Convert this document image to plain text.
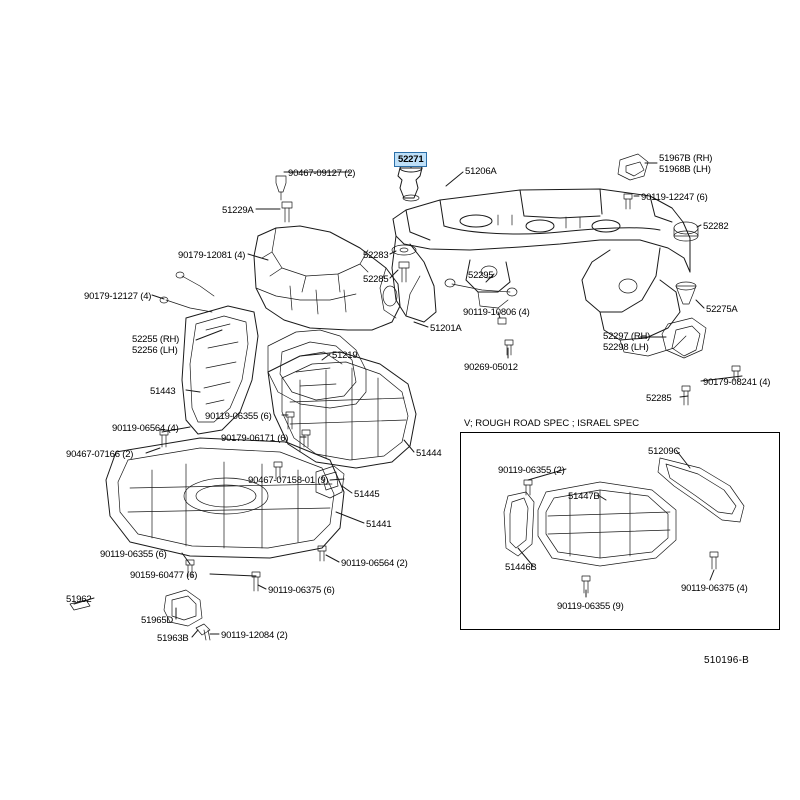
V; ROUGH ROAD SPEC ; ISRAEL SPEC
52271
90467-09127 (2)	51206A
51967B (RH)
51968B (LH)
90119-12247 (6)
51229A
52282
52283
90179-12081 (4)
52285	52295
90179-12127 (4)
90119-10806 (4)	52275A
52255 (RH)
52256 (LH)
51201A
52297 (RH)
52298 (LH)
51219
90269-05012
90179-08241 (4)
51443
52285
90119-06355 (6)
90119-06564 (4)
90179-06171 (6)
90467-07166 (2)	51444
90467-07158-01 (9)
51445
51441
90119-06355 (6)
90119-06564 (2)
90159-60477 (6)
90119-06375 (6)
51962
51965D
51963B	90119-12084 (2)
51209C
90119-06355 (2)
51447B
51446B
90119-06355 (9)
90119-06375 (4)
510196-B
